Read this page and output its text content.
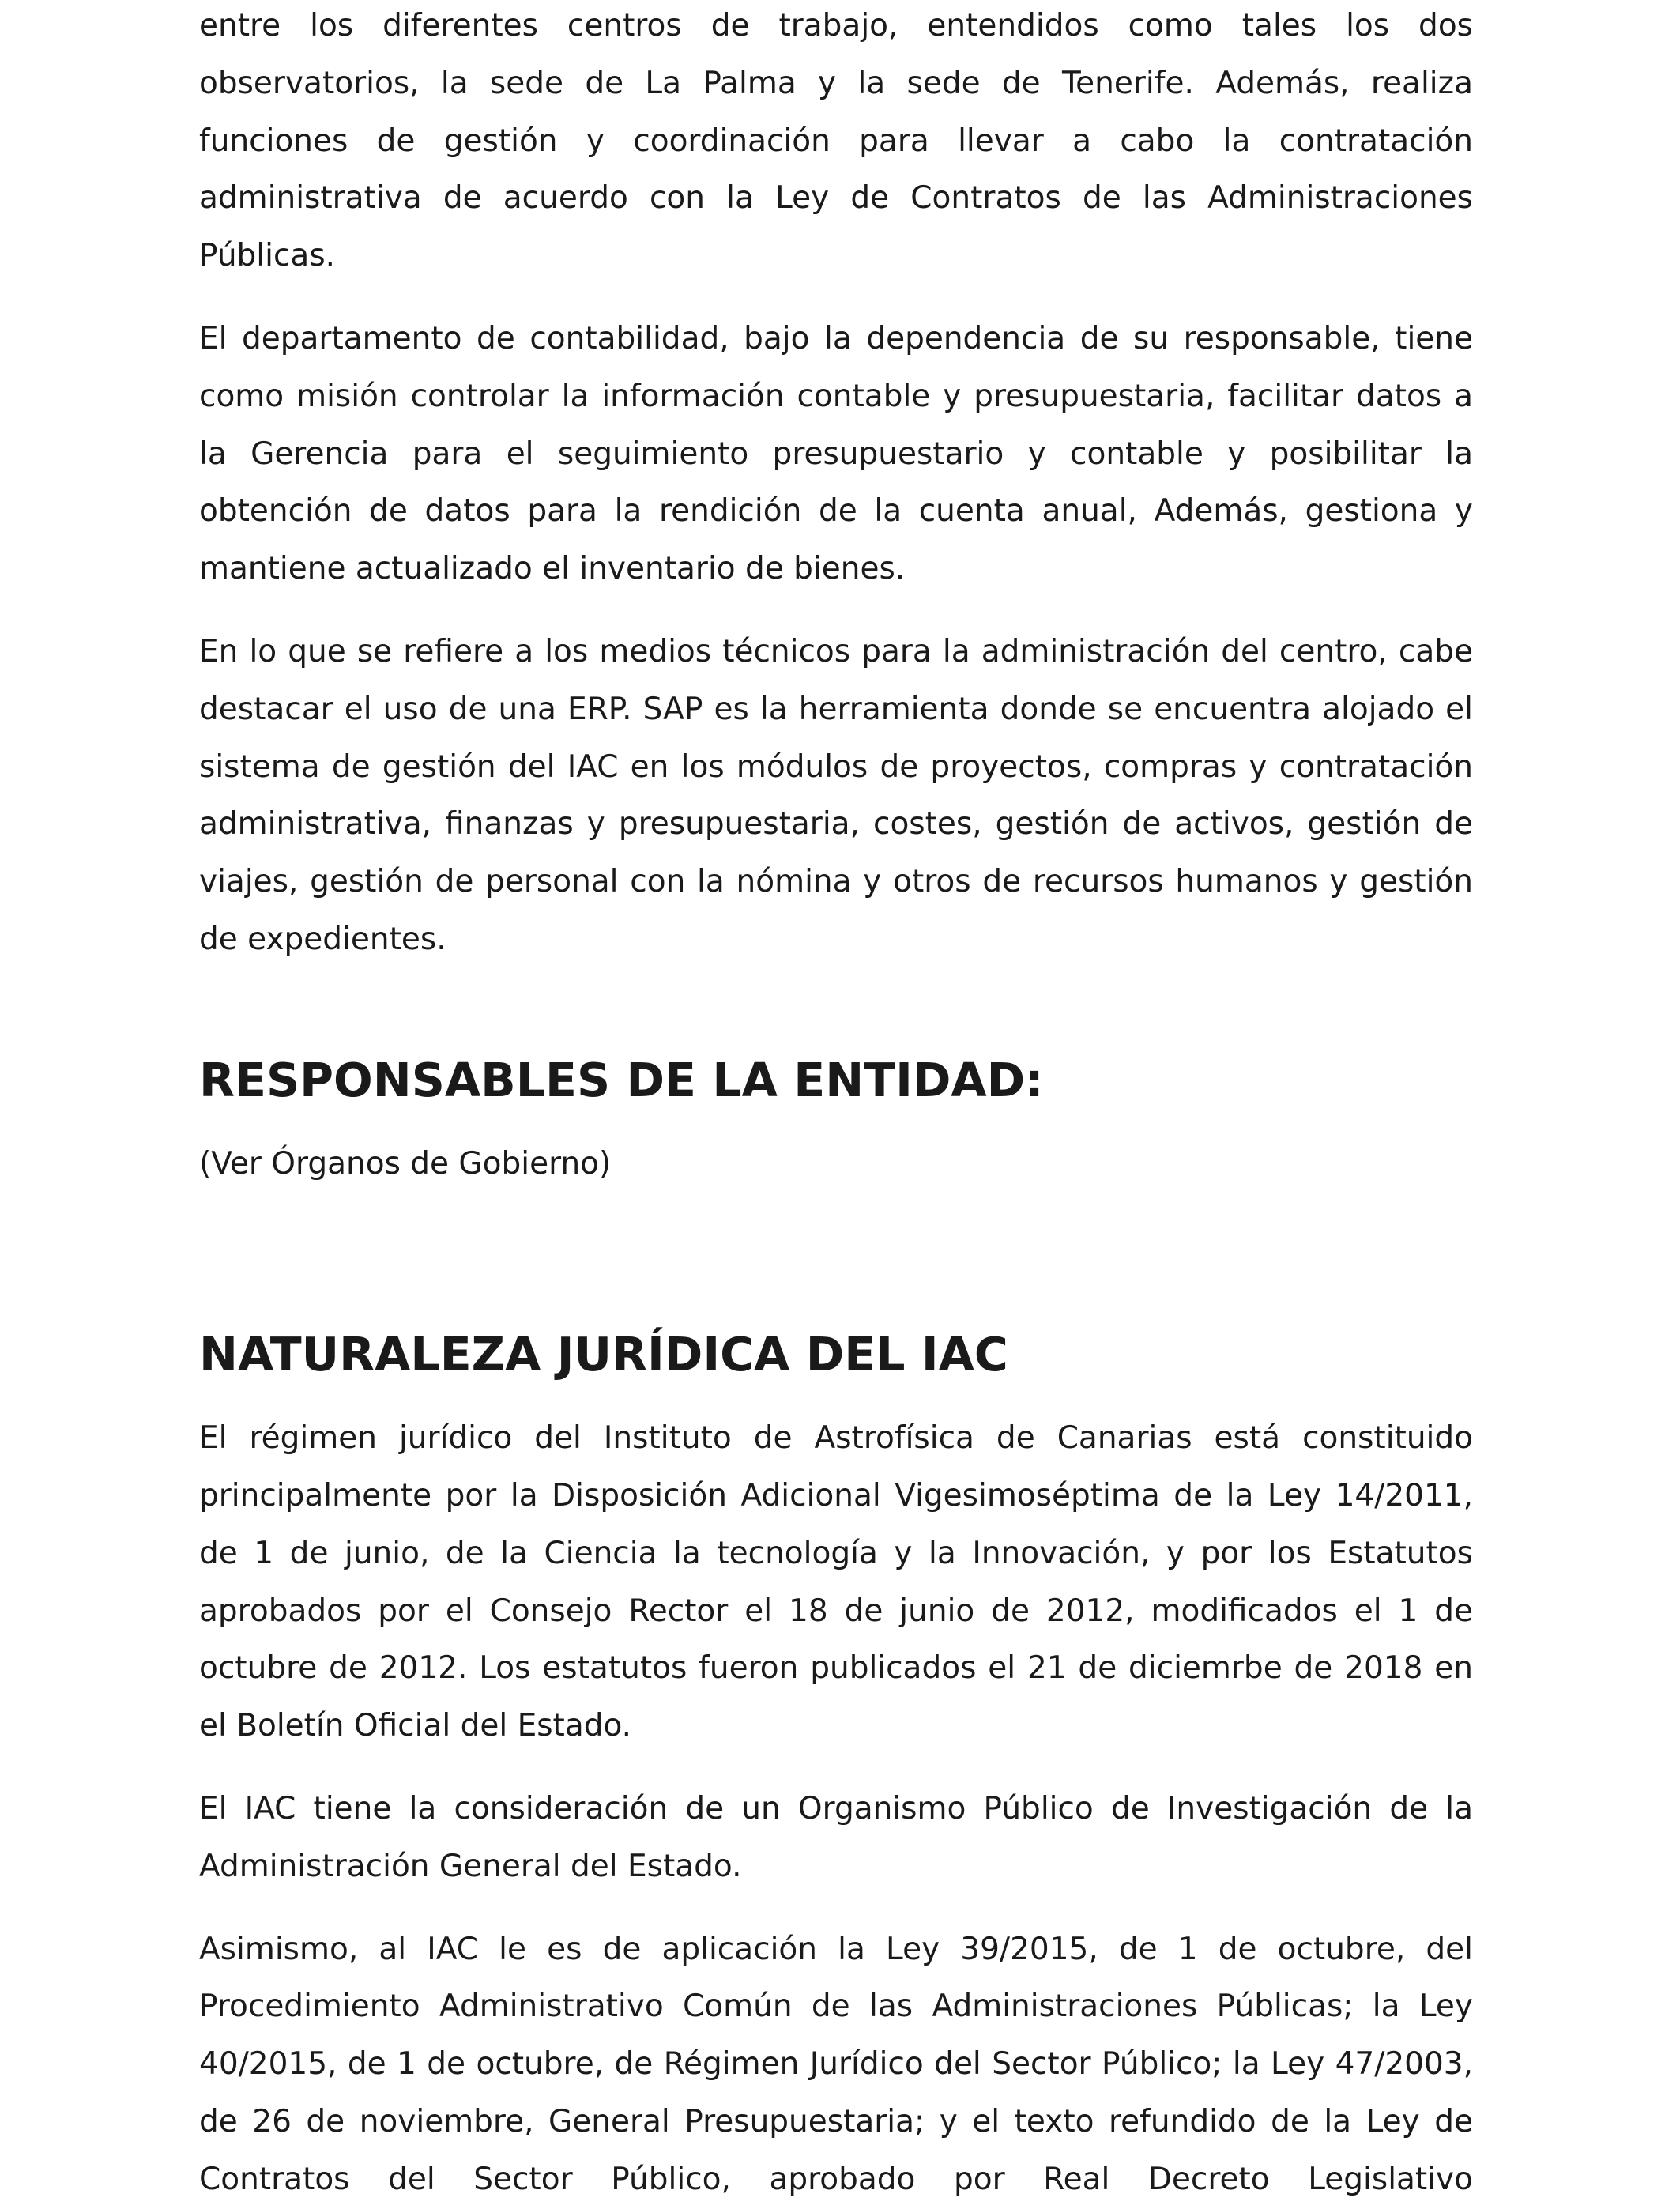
entre los diferentes centros de trabajo, entendidos como tales los dos observatorios, la sede de La Palma y la sede de Tenerife. Además, realiza funciones de gestión y coordinación para llevar a cabo la contratación administrativa de acuerdo con la Ley de Contratos de las Administraciones Públicas.

El departamento de contabilidad, bajo la dependencia de su responsable, tiene como misión controlar la información contable y presupuestaria, facilitar datos a la Gerencia para el seguimiento presupuestario y contable y posibilitar la obtención de datos para la rendición de la cuenta anual, Además, gestiona y mantiene actualizado el inventario de bienes.

En lo que se refiere a los medios técnicos para la administración del centro, cabe destacar el uso de una ERP. SAP es la herramienta donde se encuentra alojado el sistema de gestión del IAC en los módulos de proyectos, compras y contratación administrativa, finanzas y presupuestaria, costes, gestión de activos, gestión de viajes, gestión de personal con la nómina y otros de recursos humanos y gestión de expedientes.

RESPONSABLES DE LA ENTIDAD:

(Ver Órganos de Gobierno)

NATURALEZA JURÍDICA DEL IAC

El régimen jurídico del Instituto de Astrofísica de Canarias está constituido principalmente por la Disposición Adicional Vigesimoséptima de la Ley 14/2011, de 1 de junio, de la Ciencia la tecnología y la Innovación, y por los Estatutos aprobados por el Consejo Rector el 18 de junio de 2012, modificados el 1 de octubre de 2012. Los estatutos fueron publicados el 21 de diciemrbe de 2018 en el Boletín Oficial del Estado.

El IAC tiene la consideración de un Organismo Público de Investigación de la Administración General del Estado.

Asimismo, al IAC le es de aplicación la Ley 39/2015, de 1 de octubre, del Procedimiento Administrativo Común de las Administraciones Públicas; la Ley 40/2015, de 1 de octubre, de Régimen Jurídico del Sector Público; la Ley 47/2003, de 26 de noviembre, General Presupuestaria; y el texto refundido de la Ley de Contratos del Sector Público, aprobado por Real Decreto Legislativo
